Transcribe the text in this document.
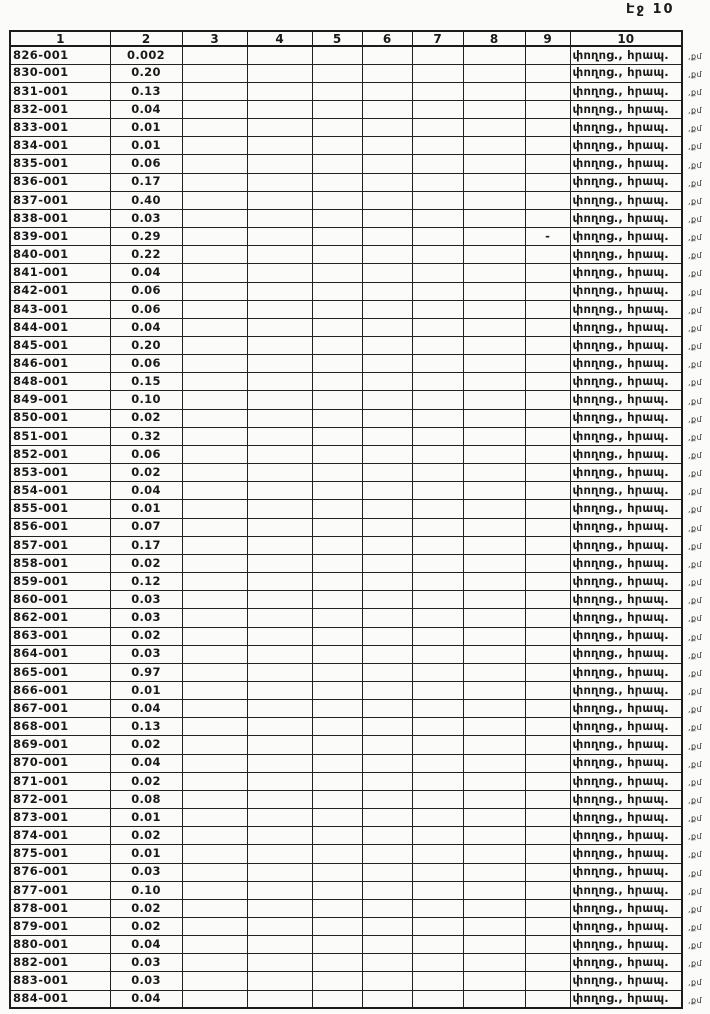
Էջ 10
1	2	3	4	5	6	7	8	9	10
826-001	0.002								փողոց., հրապ.
830-001	0.20								փողոց., հրապ.
831-001	0.13								փողոց., հրապ.
832-001	0.04								փողոց., հրապ.
833-001	0.01								փողոց., հրապ.
834-001	0.01								փողոց., հրապ.
835-001	0.06								փողոց., հրապ.
836-001	0.17								փողոց., հրապ.
837-001	0.40								փողոց., հրապ.
838-001	0.03								փողոց., հրապ.
839-001	0.29							-	փողոց., հրապ.
840-001	0.22								փողոց., հրապ.
841-001	0.04								փողոց., հրապ.
842-001	0.06								փողոց., հրապ.
843-001	0.06								փողոց., հրապ.
844-001	0.04								փողոց., հրապ.
845-001	0.20								փողոց., հրապ.
846-001	0.06								փողոց., հրապ.
848-001	0.15								փողոց., հրապ.
849-001	0.10								փողոց., հրապ.
850-001	0.02								փողոց., հրապ.
851-001	0.32								փողոց., հրապ.
852-001	0.06								փողոց., հրապ.
853-001	0.02								փողոց., հրապ.
854-001	0.04								փողոց., հրապ.
855-001	0.01								փողոց., հրապ.
856-001	0.07								փողոց., հրապ.
857-001	0.17								փողոց., հրապ.
858-001	0.02								փողոց., հրապ.
859-001	0.12								փողոց., հրապ.
860-001	0.03								փողոց., հրապ.
862-001	0.03								փողոց., հրապ.
863-001	0.02								փողոց., հրապ.
864-001	0.03								փողոց., հրապ.
865-001	0.97								փողոց., հրապ.
866-001	0.01								փողոց., հրապ.
867-001	0.04								փողոց., հրապ.
868-001	0.13								փողոց., հրապ.
869-001	0.02								փողոց., հրապ.
870-001	0.04								փողոց., հրապ.
871-001	0.02								փողոց., հրապ.
872-001	0.08								փողոց., հրապ.
873-001	0.01								փողոց., հրապ.
874-001	0.02								փողոց., հրապ.
875-001	0.01								փողոց., հրապ.
876-001	0.03								փողոց., հրապ.
877-001	0.10								փողոց., հրապ.
878-001	0.02								փողոց., հրապ.
879-001	0.02								փողոց., հրապ.
880-001	0.04								փողոց., հրապ.
882-001	0.03								փողոց., հրապ.
883-001	0.03								փողոց., հրապ.
884-001	0.04								փողոց., հրապ.
,քմ
,քմ
,քմ
,քմ
,քմ
,քմ
,քմ
,քմ
,քմ
,քմ
,քմ
,քմ
,քմ
,քմ
,քմ
,քմ
,քմ
,քմ
,քմ
,քմ
,քմ
,քմ
,քմ
,քմ
,քմ
,քմ
,քմ
,քմ
,քմ
,քմ
,քմ
,քմ
,քմ
,քմ
,քմ
,քմ
,քմ
,քմ
,քմ
,քմ
,քմ
,քմ
,քմ
,քմ
,քմ
,քմ
,քմ
,քմ
,քմ
,քմ
,քմ
,քմ
,քմ
